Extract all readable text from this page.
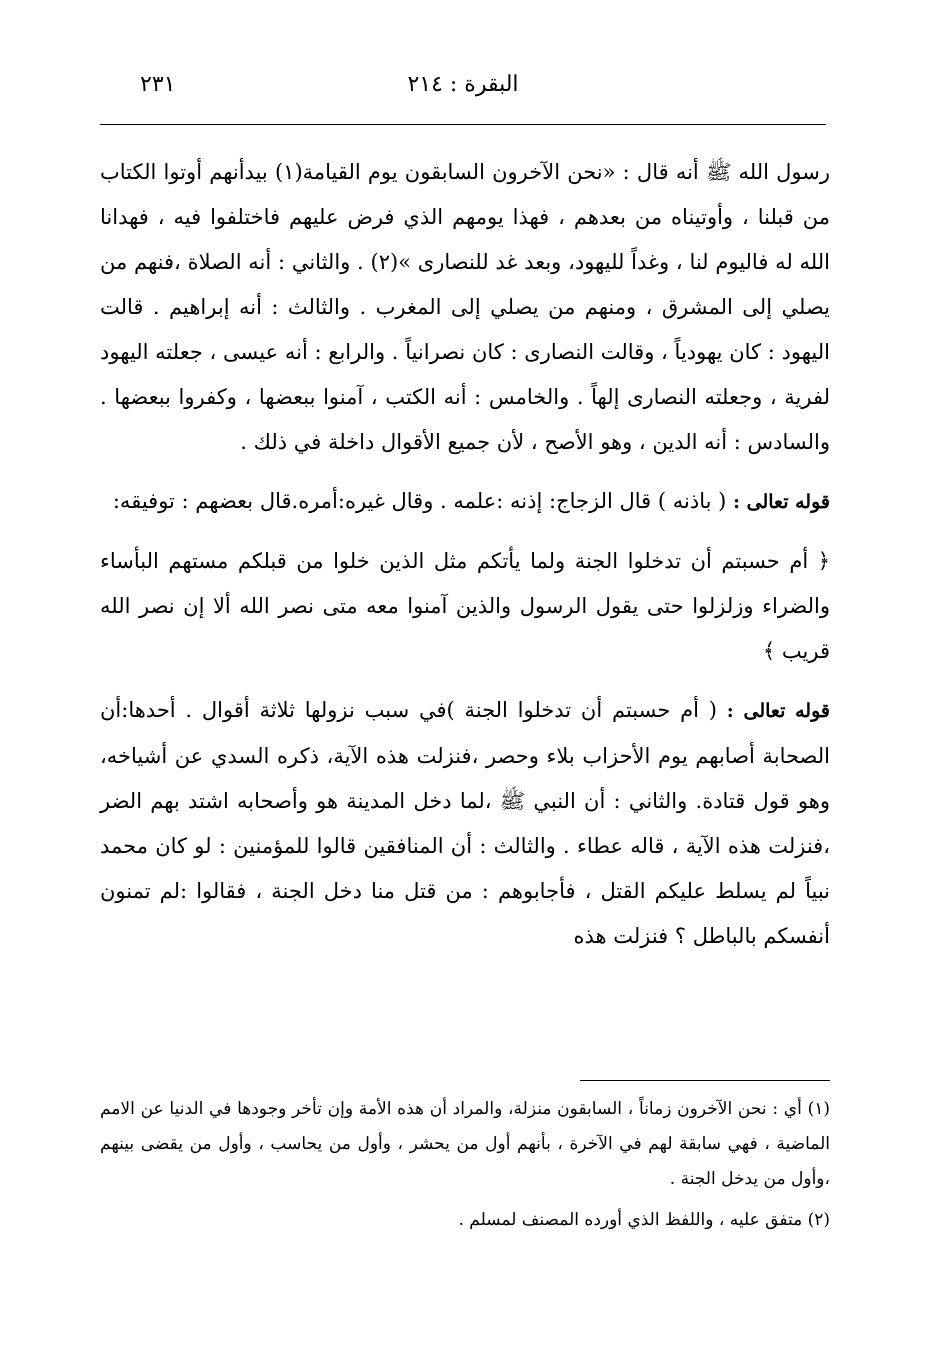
البقرة : ٢١٤
٢٣١

رسول الله ﷺ أنه قال : «نحن الآخرون السابقون يوم القيامة(١) بيدأنهم أوتوا الكتاب من قبلنا ، وأوتيناه من بعدهم ، فهذا يومهم الذي فرض عليهم فاختلفوا فيه ، فهدانا الله له فاليوم لنا ، وغداً لليهود، وبعد غد للنصارى »(٢) . والثاني : أنه الصلاة ،فنهم من يصلي إلى المشرق ، ومنهم من يصلي إلى المغرب . والثالث : أنه إبراهيم . قالت اليهود : كان يهودياً ، وقالت النصارى : كان نصرانياً . والرابع : أنه عيسى ، جعلته اليهود لفرية ، وجعلته النصارى إلهاً . والخامس : أنه الكتب ، آمنوا ببعضها ، وكفروا ببعضها . والسادس : أنه الدين ، وهو الأصح ، لأن جميع الأقوال داخلة في ذلك .

قوله تعالى : ( باذنه ) قال الزجاج: إذنه :علمه . وقال غيره:أمره.قال بعضهم : توفيقه:

﴿ أم حسبتم أن تدخلوا الجنة ولما يأتكم مثل الذين خلوا من قبلكم مستهم البأساء والضراء وزلزلوا حتى يقول الرسول والذين آمنوا معه متى نصر الله ألا إن نصر الله قريب ﴾

قوله تعالى : ( أم حسبتم أن تدخلوا الجنة )في سبب نزولها ثلاثة أقوال . أحدها:أن الصحابة أصابهم يوم الأحزاب بلاء وحصر ،فنزلت هذه الآية، ذكره السدي عن أشياخه، وهو قول قتادة. والثاني : أن النبي ﷺ ،لما دخل المدينة هو وأصحابه اشتد بهم الضر ،فنزلت هذه الآية ، قاله عطاء . والثالث : أن المنافقين قالوا للمؤمنين : لو كان محمد نبياً لم يسلط عليكم القتل ، فأجابوهم : من قتل منا دخل الجنة ، فقالوا :لم تمنون أنفسكم بالباطل ؟ فنزلت هذه

(١) أي : نحن الآخرون زماناً ، السابقون منزلة، والمراد أن هذه الأمة وإن تأخر وجودها في الدنيا عن الامم الماضية ، فهي سابقة لهم في الآخرة ، بأنهم أول من يحشر ، وأول من يحاسب ، وأول من يقضى بينهم ،وأول من يدخل الجنة .

(٢) متفق عليه ، واللفظ الذي أورده المصنف لمسلم .
